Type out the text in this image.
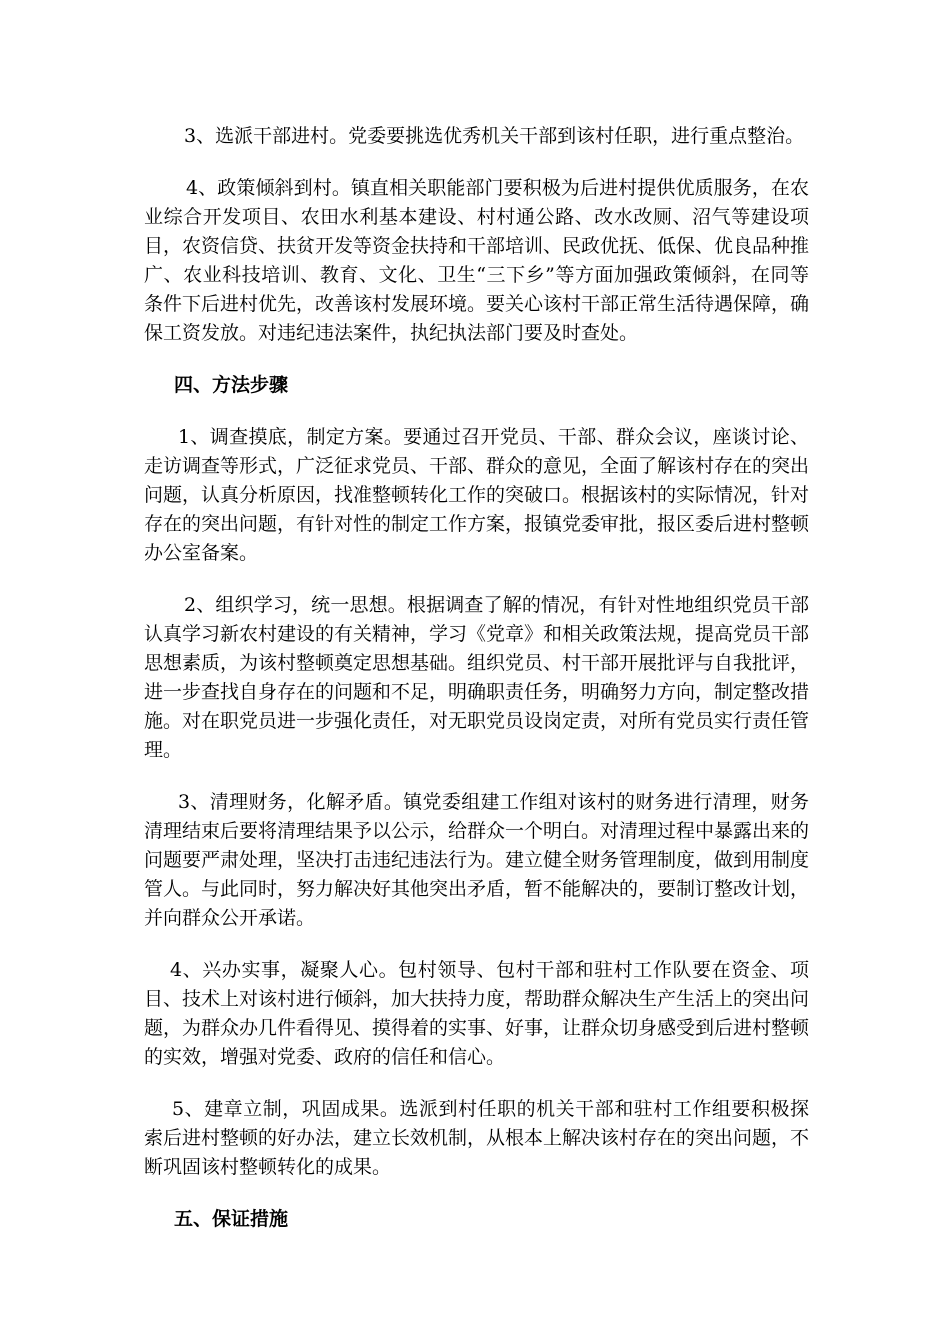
3、选派干部进村。党委要挑选优秀机关干部到该村任职，进行重点整治。

4、政策倾斜到村。镇直相关职能部门要积极为后进村提供优质服务，在农业综合开发项目、农田水利基本建设、村村通公路、改水改厕、沼气等建设项目，农资信贷、扶贫开发等资金扶持和干部培训、民政优抚、低保、优良品种推广、农业科技培训、教育、文化、卫生“三下乡”等方面加强政策倾斜，在同等条件下后进村优先，改善该村发展环境。要关心该村干部正常生活待遇保障，确保工资发放。对违纪违法案件，执纪执法部门要及时查处。

四、方法步骤

1、调查摸底，制定方案。要通过召开党员、干部、群众会议，座谈讨论、走访调查等形式，广泛征求党员、干部、群众的意见，全面了解该村存在的突出问题，认真分析原因，找准整顿转化工作的突破口。根据该村的实际情况，针对存在的突出问题，有针对性的制定工作方案，报镇党委审批，报区委后进村整顿办公室备案。

2、组织学习，统一思想。根据调查了解的情况，有针对性地组织党员干部认真学习新农村建设的有关精神，学习《党章》和相关政策法规，提高党员干部思想素质，为该村整顿奠定思想基础。组织党员、村干部开展批评与自我批评，进一步查找自身存在的问题和不足，明确职责任务，明确努力方向，制定整改措施。对在职党员进一步强化责任，对无职党员设岗定责，对所有党员实行责任管理。

3、清理财务，化解矛盾。镇党委组建工作组对该村的财务进行清理，财务清理结束后要将清理结果予以公示，给群众一个明白。对清理过程中暴露出来的问题要严肃处理，坚决打击违纪违法行为。建立健全财务管理制度，做到用制度管人。与此同时，努力解决好其他突出矛盾，暂不能解决的，要制订整改计划，并向群众公开承诺。

4、兴办实事，凝聚人心。包村领导、包村干部和驻村工作队要在资金、项目、技术上对该村进行倾斜，加大扶持力度，帮助群众解决生产生活上的突出问题，为群众办几件看得见、摸得着的实事、好事，让群众切身感受到后进村整顿的实效，增强对党委、政府的信任和信心。

5、建章立制，巩固成果。选派到村任职的机关干部和驻村工作组要积极探索后进村整顿的好办法，建立长效机制，从根本上解决该村存在的突出问题，不断巩固该村整顿转化的成果。

五、保证措施
